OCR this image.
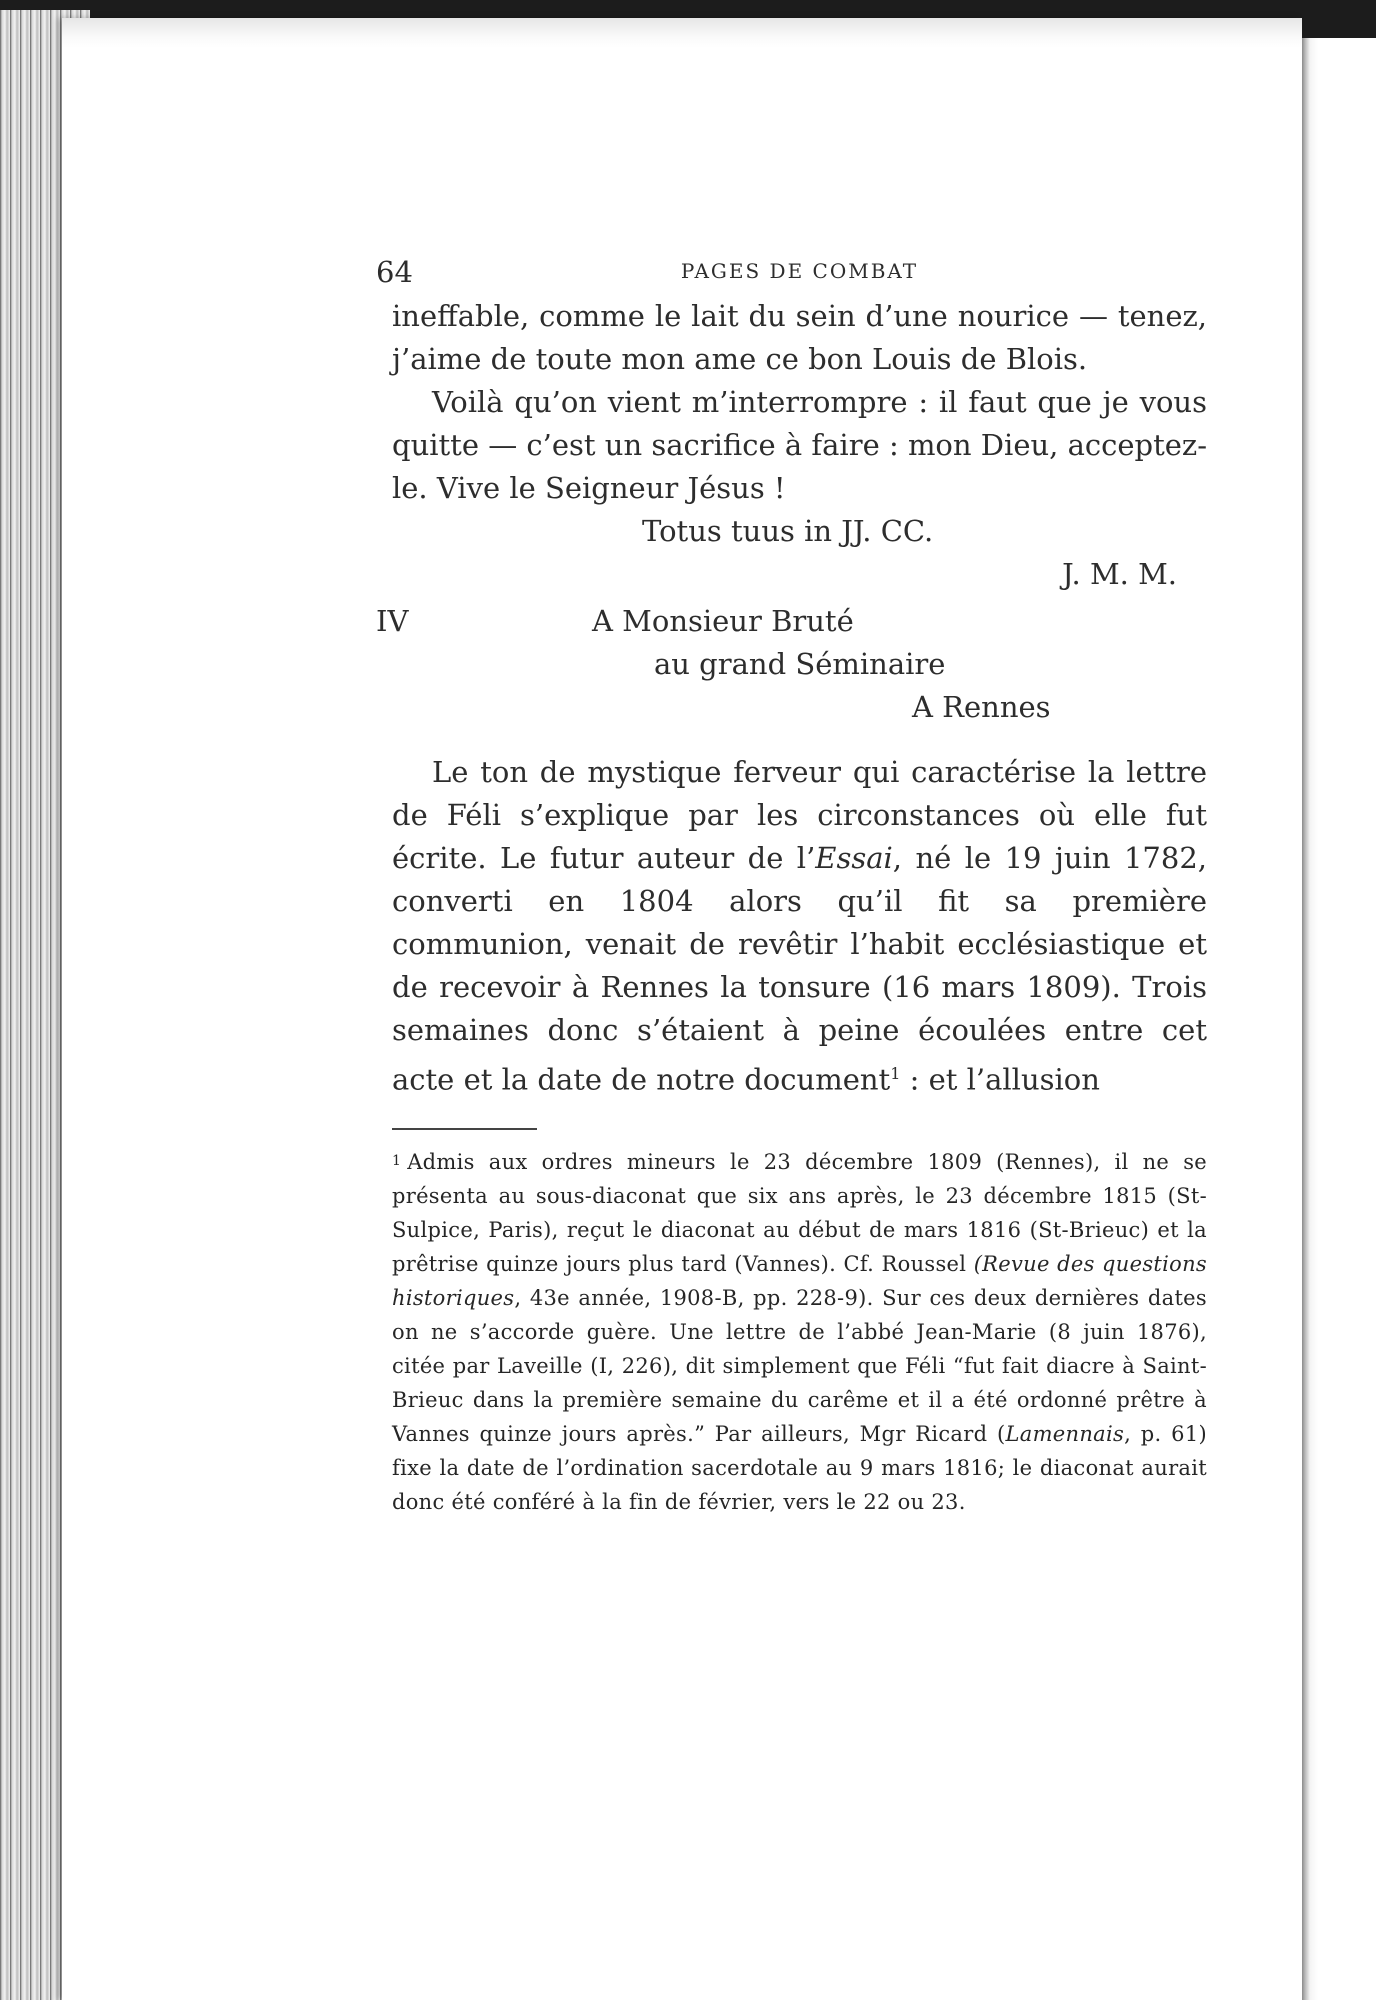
64	PAGES DE COMBAT

ineffable, comme le lait du sein d’une nourice — tenez, j’aime de toute mon ame ce bon Louis de Blois.

Voilà qu’on vient m’interrompre : il faut que je vous quitte — c’est un sacrifice à faire : mon Dieu, acceptez-le. Vive le Seigneur Jésus !

Totus tuus in JJ. CC.
J. M. M.
IV	A Monsieur Bruté
au grand Séminaire
A Rennes

Le ton de mystique ferveur qui caractérise la lettre de Féli s’explique par les circonstances où elle fut écrite. Le futur auteur de l’Essai, né le 19 juin 1782, converti en 1804 alors qu’il fit sa première communion, venait de revêtir l’habit ecclésiastique et de recevoir à Rennes la tonsure (16 mars 1809). Trois semaines donc s’étaient à peine écoulées entre cet acte et la date de notre document$^1$ : et l’allusion

1 Admis aux ordres mineurs le 23 décembre 1809 (Rennes), il ne se présenta au sous-diaconat que six ans après, le 23 décembre 1815 (St-Sulpice, Paris), reçut le diaconat au début de mars 1816 (St-Brieuc) et la prêtrise quinze jours plus tard (Vannes). Cf. Roussel (Revue des questions historiques, 43e année, 1908-B, pp. 228-9). Sur ces deux dernières dates on ne s’accorde guère. Une lettre de l’abbé Jean-Marie (8 juin 1876), citée par Laveille (I, 226), dit simplement que Féli “fut fait diacre à Saint-Brieuc dans la première semaine du carême et il a été ordonné prêtre à Vannes quinze jours après.” Par ailleurs, Mgr Ricard (Lamennais, p. 61) fixe la date de l’ordination sacerdotale au 9 mars 1816; le diaconat aurait donc été conféré à la fin de février, vers le 22 ou 23.
